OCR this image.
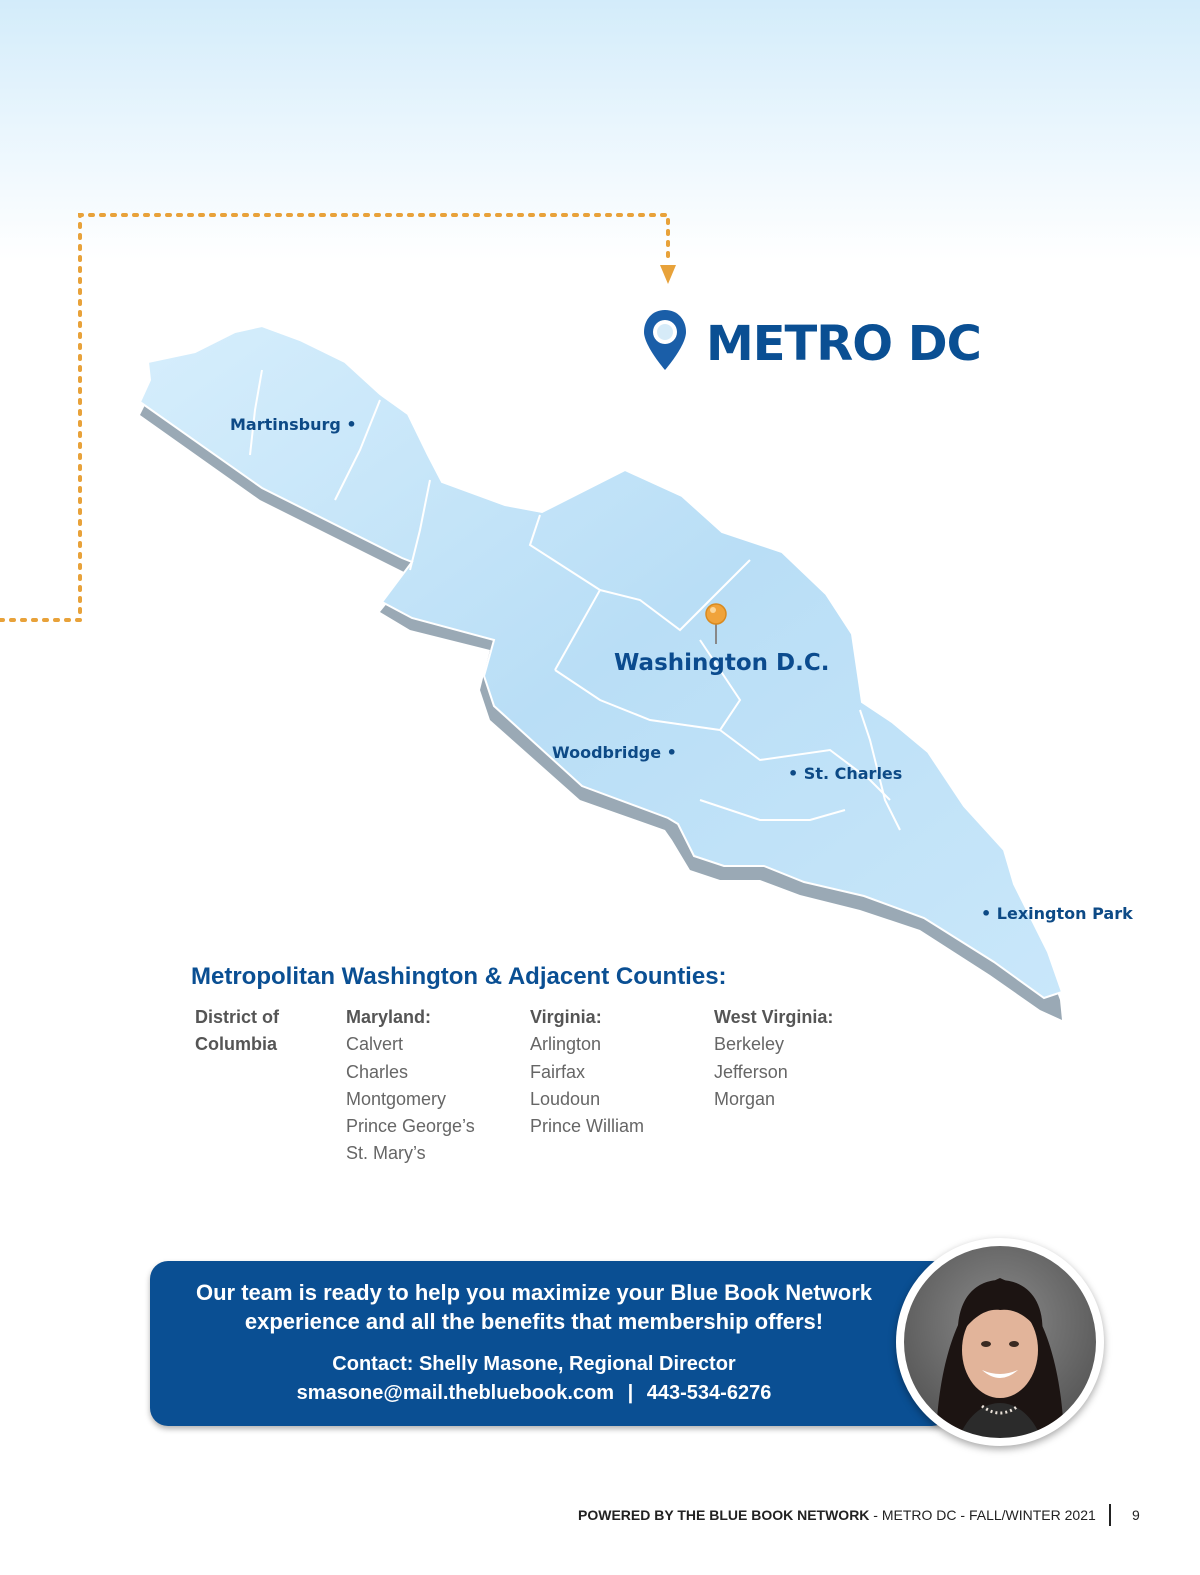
METRO DC
Martinsburg •
Washington D.C.
Woodbridge •
• St. Charles
• Lexington Park
Metropolitan Washington & Adjacent Counties:
District of
Columbia
Maryland:
Calvert
Charles
Montgomery
Prince George’s
St. Mary’s
Virginia:
Arlington
Fairfax
Loudoun
Prince William
West Virginia:
Berkeley
Jefferson
Morgan
Our team is ready to help you maximize your Blue Book Network
experience and all the benefits that membership offers!
Contact: Shelly Masone, Regional Director
smasone@mail.thebluebook.com | 443-534-6276
POWERED BY THE BLUE BOOK NETWORK - METRO DC - FALL/WINTER 2021	9
